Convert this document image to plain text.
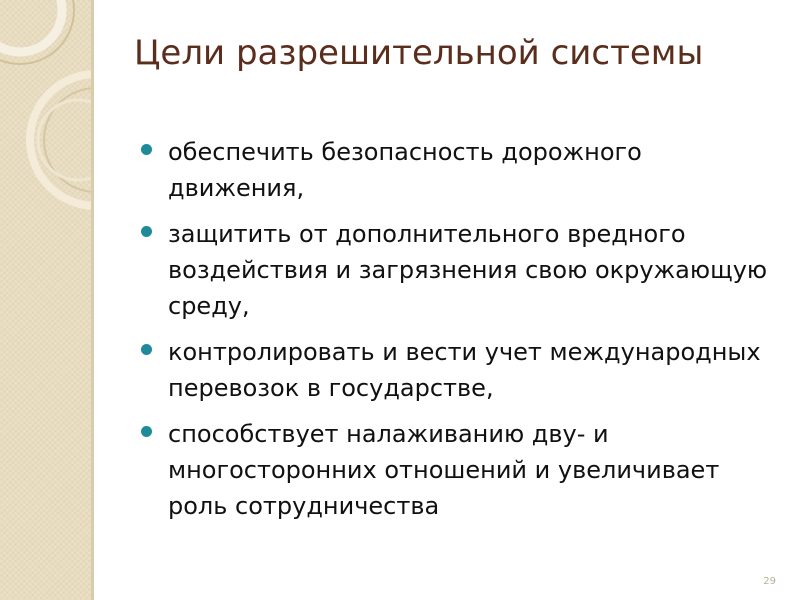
Цели разрешительной системы
обеспечить безопасность дорожного движения,
защитить от дополнительного вредного воздействия и загрязнения свою окружающую среду,
контролировать и вести учет международных перевозок в государстве,
способствует налаживанию дву- и многосторонних отношений и увеличивает роль сотрудничества
29
